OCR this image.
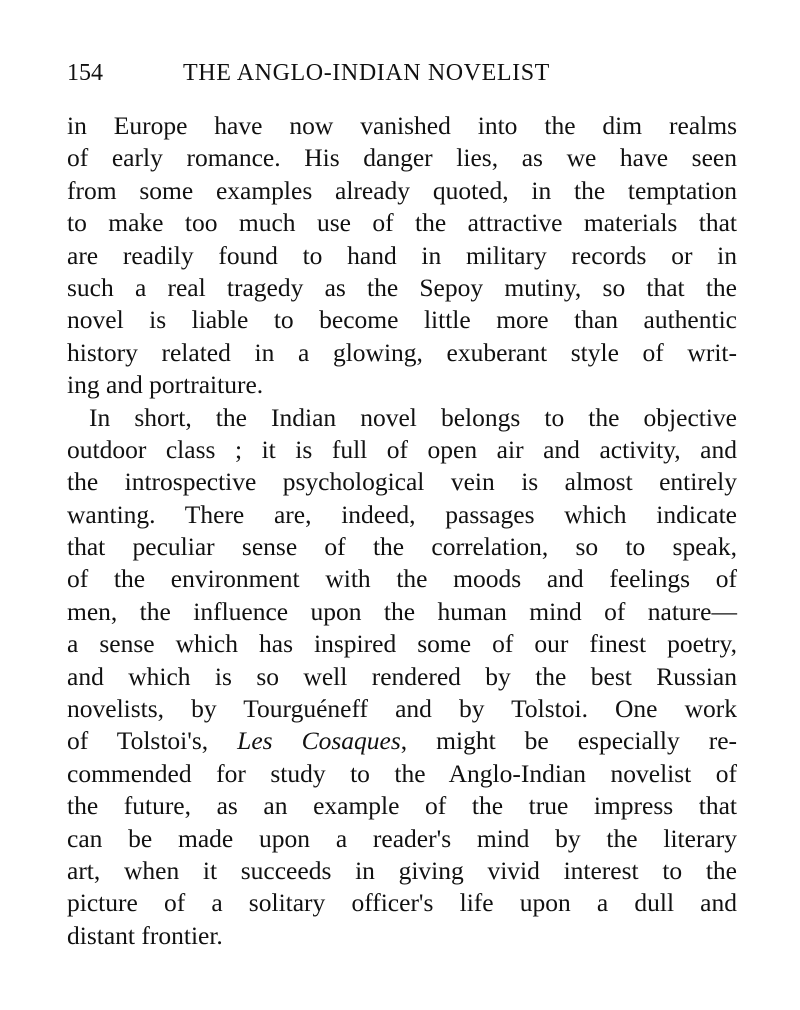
154	THE ANGLO-INDIAN NOVELIST
in Europe have now vanished into the dim realms
of early romance. His danger lies, as we have seen
from some examples already quoted, in the temptation
to make too much use of the attractive materials that
are readily found to hand in military records or in
such a real tragedy as the Sepoy mutiny, so that the
novel is liable to become little more than authentic
history related in a glowing, exuberant style of writ-
ing and portraiture.
In short, the Indian novel belongs to the objective
outdoor class ; it is full of open air and activity, and
the introspective psychological vein is almost entirely
wanting. There are, indeed, passages which indicate
that peculiar sense of the correlation, so to speak,
of the environment with the moods and feelings of
men, the influence upon the human mind of nature—
a sense which has inspired some of our finest poetry,
and which is so well rendered by the best Russian
novelists, by Tourguéneff and by Tolstoi. One work
of Tolstoi's, Les Cosaques, might be especially re-
commended for study to the Anglo-Indian novelist of
the future, as an example of the true impress that
can be made upon a reader's mind by the literary
art, when it succeeds in giving vivid interest to the
picture of a solitary officer's life upon a dull and
distant frontier.
